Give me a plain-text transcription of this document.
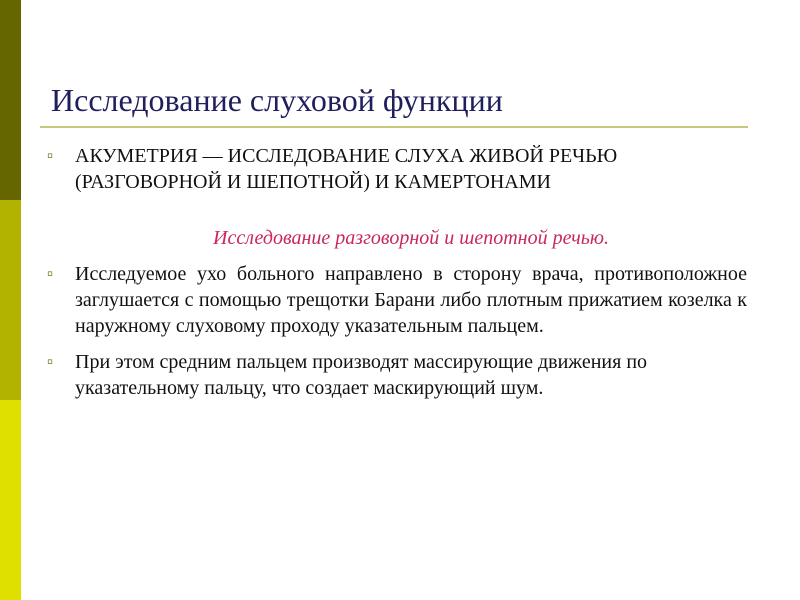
Исследование слуховой функции
▫ АКУМЕТРИЯ — ИССЛЕДОВАНИЕ СЛУХА ЖИВОЙ РЕЧЬЮ (РАЗГОВОРНОЙ И ШЕПОТНОЙ) И КАМЕРТОНАМИ
Исследование разговорной и шепотной речью.
▫ Исследуемое ухо больного направлено в сторону врача, противоположное заглушается с помощью трещотки Барани либо плотным прижатием козелка к наружному слуховому проходу указательным пальцем.
▫ При этом средним пальцем производят массирующие движения по указательному пальцу, что создает маскирующий шум.
